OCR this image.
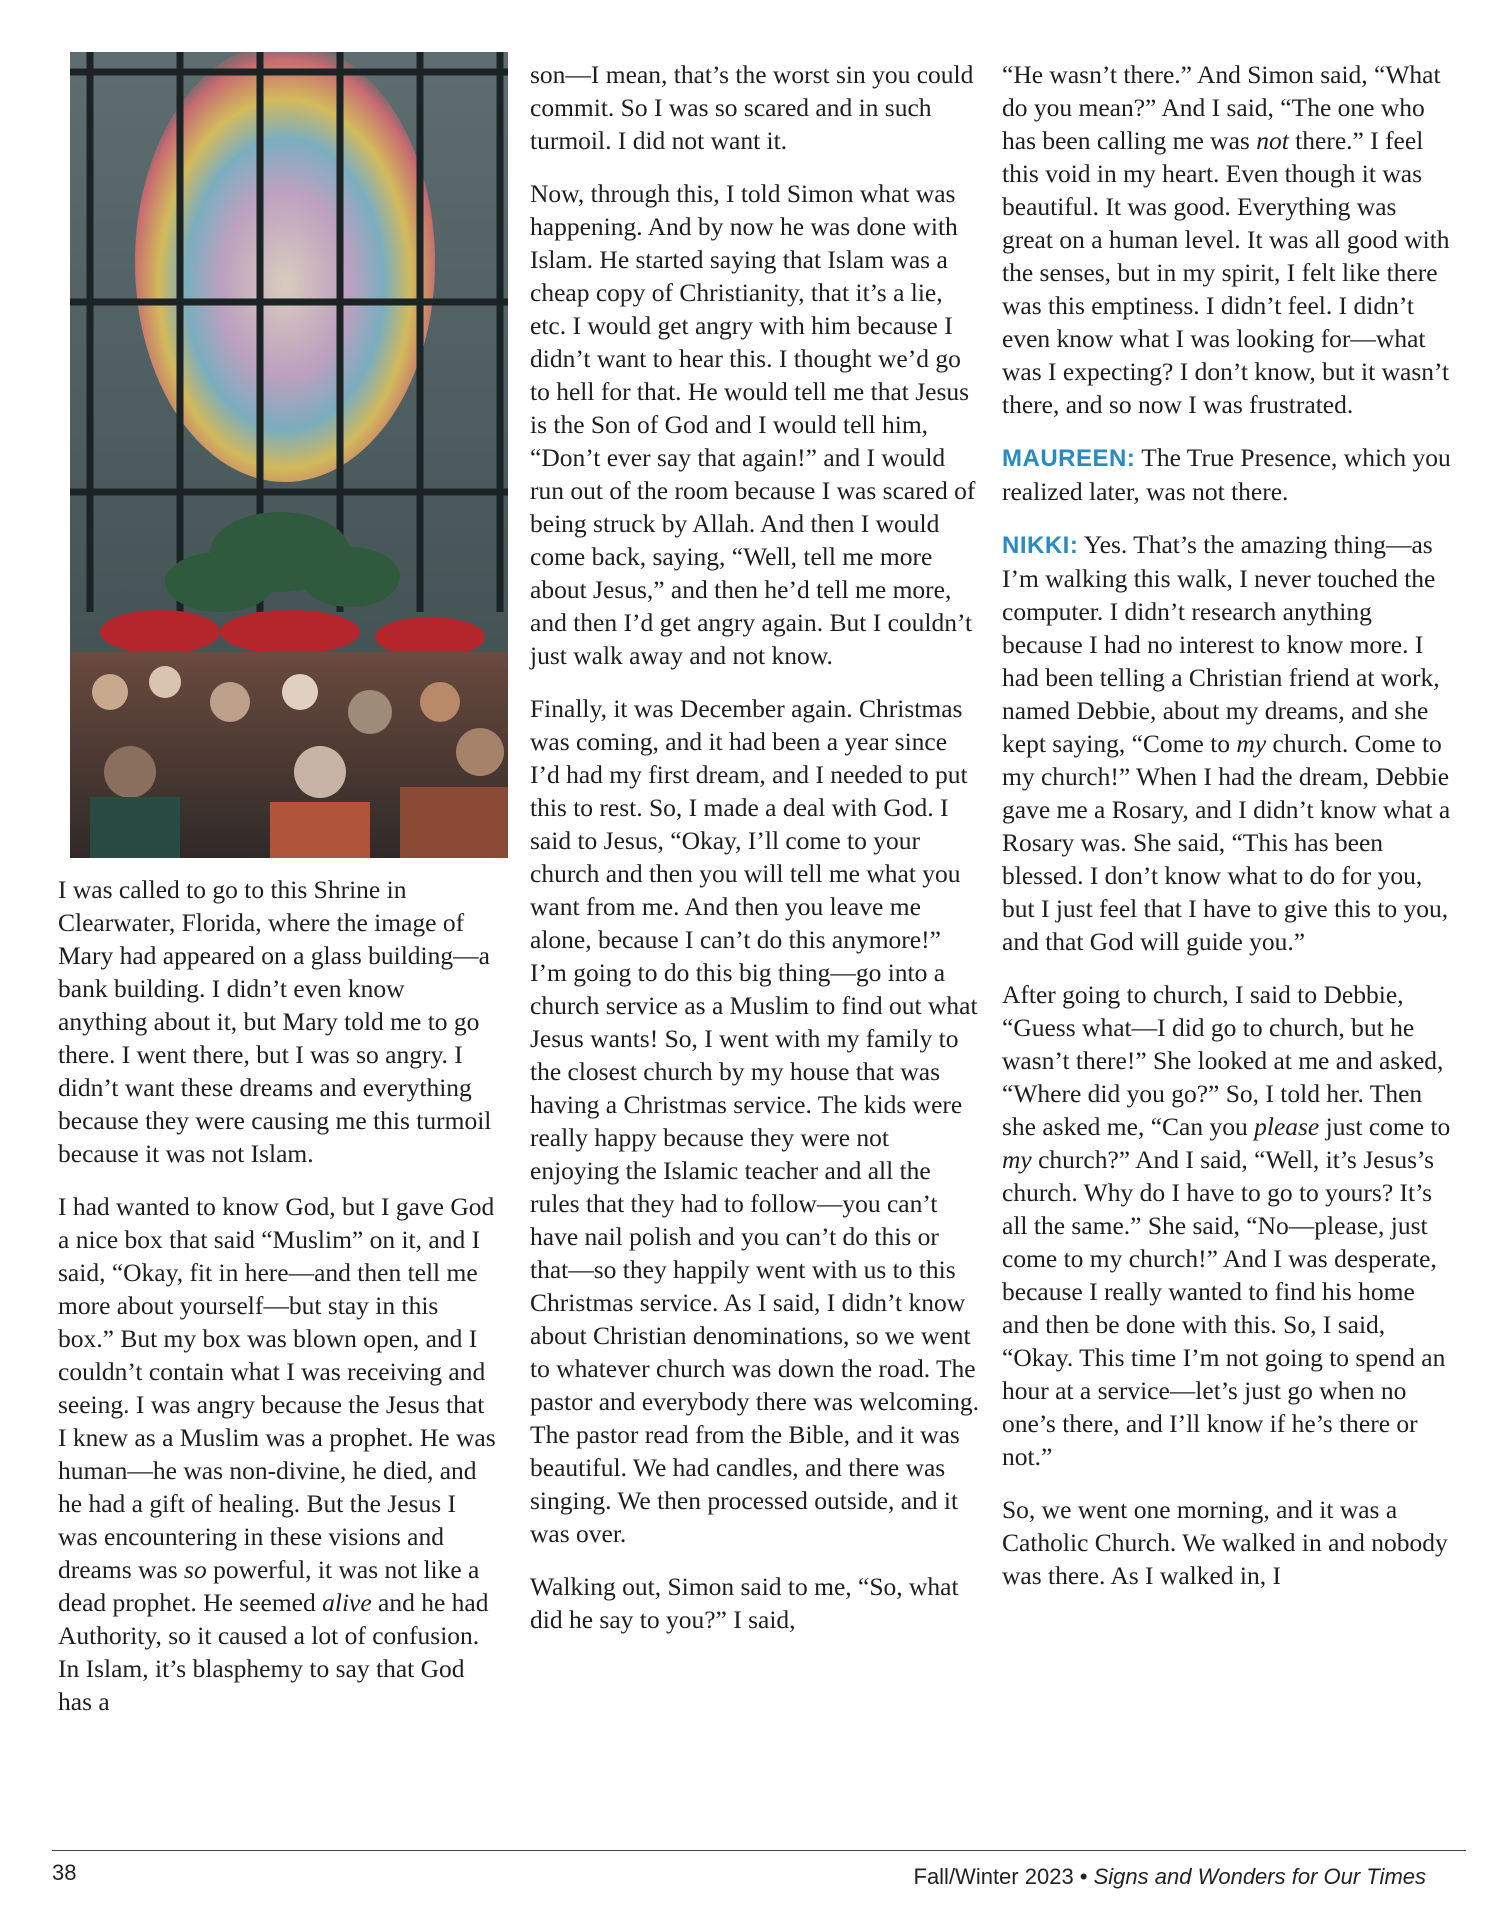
I was called to go to this Shrine in Clearwater, Florida, where the image of Mary had appeared on a glass building—a bank building. I didn’t even know anything about it, but Mary told me to go there. I went there, but I was so angry. I didn’t want these dreams and everything because they were causing me this turmoil because it was not Islam.

I had wanted to know God, but I gave God a nice box that said “Muslim” on it, and I said, “Okay, fit in here—and then tell me more about yourself—but stay in this box.” But my box was blown open, and I couldn’t contain what I was receiving and seeing. I was angry because the Jesus that I knew as a Muslim was a prophet. He was human—he was non-divine, he died, and he had a gift of healing. But the Jesus I was encountering in these visions and dreams was so powerful, it was not like a dead prophet. He seemed alive and he had Authority, so it caused a lot of confusion. In Islam, it’s blasphemy to say that God has a

son—I mean, that’s the worst sin you could commit. So I was so scared and in such turmoil. I did not want it.

Now, through this, I told Simon what was happening. And by now he was done with Islam. He started saying that Islam was a cheap copy of Christianity, that it’s a lie, etc. I would get angry with him because I didn’t want to hear this. I thought we’d go to hell for that. He would tell me that Jesus is the Son of God and I would tell him, “Don’t ever say that again!” and I would run out of the room because I was scared of being struck by Allah. And then I would come back, saying, “Well, tell me more about Jesus,” and then he’d tell me more, and then I’d get angry again. But I couldn’t just walk away and not know.

Finally, it was December again. Christmas was coming, and it had been a year since I’d had my first dream, and I needed to put this to rest. So, I made a deal with God. I said to Jesus, “Okay, I’ll come to your church and then you will tell me what you want from me. And then you leave me alone, because I can’t do this anymore!” I’m going to do this big thing—go into a church service as a Muslim to find out what Jesus wants! So, I went with my family to the closest church by my house that was having a Christmas service. The kids were really happy because they were not enjoying the Islamic teacher and all the rules that they had to follow—you can’t have nail polish and you can’t do this or that—so they happily went with us to this Christmas service. As I said, I didn’t know about Christian denominations, so we went to whatever church was down the road. The pastor and everybody there was welcoming. The pastor read from the Bible, and it was beautiful. We had candles, and there was singing. We then processed outside, and it was over.

Walking out, Simon said to me, “So, what did he say to you?” I said,

“He wasn’t there.” And Simon said, “What do you mean?” And I said, “The one who has been calling me was not there.” I feel this void in my heart. Even though it was beautiful. It was good. Everything was great on a human level. It was all good with the senses, but in my spirit, I felt like there was this emptiness. I didn’t feel. I didn’t even know what I was looking for—what was I expecting? I don’t know, but it wasn’t there, and so now I was frustrated.

MAUREEN: The True Presence, which you realized later, was not there.

NIKKI: Yes. That’s the amazing thing—as I’m walking this walk, I never touched the computer. I didn’t research anything because I had no interest to know more. I had been telling a Christian friend at work, named Debbie, about my dreams, and she kept saying, “Come to my church. Come to my church!” When I had the dream, Debbie gave me a Rosary, and I didn’t know what a Rosary was. She said, “This has been blessed. I don’t know what to do for you, but I just feel that I have to give this to you, and that God will guide you.”

After going to church, I said to Debbie, “Guess what—I did go to church, but he wasn’t there!” She looked at me and asked, “Where did you go?” So, I told her. Then she asked me, “Can you please just come to my church?” And I said, “Well, it’s Jesus’s church. Why do I have to go to yours? It’s all the same.” She said, “No—please, just come to my church!” And I was desperate, because I really wanted to find his home and then be done with this. So, I said, “Okay. This time I’m not going to spend an hour at a service—let’s just go when no one’s there, and I’ll know if he’s there or not.”

So, we went one morning, and it was a Catholic Church. We walked in and nobody was there. As I walked in, I

38	Fall/Winter 2023 • Signs and Wonders for Our Times
